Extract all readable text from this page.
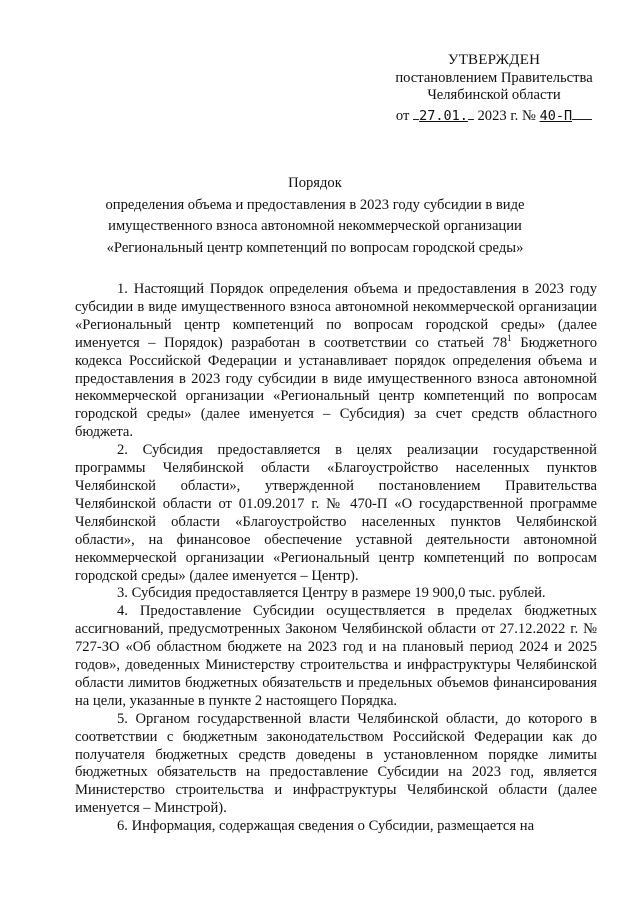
УТВЕРЖДЕН
постановлением Правительства
Челябинской области
от 27.01. 2023 г. № 40-П
Порядок
определения объема и предоставления в 2023 году субсидии в виде
имущественного взноса автономной некоммерческой организации
«Региональный центр компетенций по вопросам городской среды»

1. Настоящий Порядок определения объема и предоставления в 2023 году субсидии в виде имущественного взноса автономной некоммерческой организации «Региональный центр компетенций по вопросам городской среды» (далее именуется – Порядок) разработан в соответствии со статьей $78^1$ Бюджетного кодекса Российской Федерации и устанавливает порядок определения объема и предоставления в 2023 году субсидии в виде имущественного взноса автономной некоммерческой организации «Региональный центр компетенций по вопросам городской среды» (далее именуется – Субсидия) за счет средств областного бюджета.

2. Субсидия предоставляется в целях реализации государственной программы Челябинской области «Благоустройство населенных пунктов Челябинской области», утвержденной постановлением Правительства Челябинской области от 01.09.2017 г. № 470-П «О государственной программе Челябинской области «Благоустройство населенных пунктов Челябинской области», на финансовое обеспечение уставной деятельности автономной некоммерческой организации «Региональный центр компетенций по вопросам городской среды» (далее именуется – Центр).

3. Субсидия предоставляется Центру в размере 19 900,0 тыс. рублей.

4. Предоставление Субсидии осуществляется в пределах бюджетных ассигнований, предусмотренных Законом Челябинской области от 27.12.2022 г. № 727-ЗО «Об областном бюджете на 2023 год и на плановый период 2024 и 2025 годов», доведенных Министерству строительства и инфраструктуры Челябинской области лимитов бюджетных обязательств и предельных объемов финансирования на цели, указанные в пункте 2 настоящего Порядка.

5. Органом государственной власти Челябинской области, до которого в соответствии с бюджетным законодательством Российской Федерации как до получателя бюджетных средств доведены в установленном порядке лимиты бюджетных обязательств на предоставление Субсидии на 2023 год, является Министерство строительства и инфраструктуры Челябинской области (далее именуется – Минстрой).

6. Информация, содержащая сведения о Субсидии, размещается на
